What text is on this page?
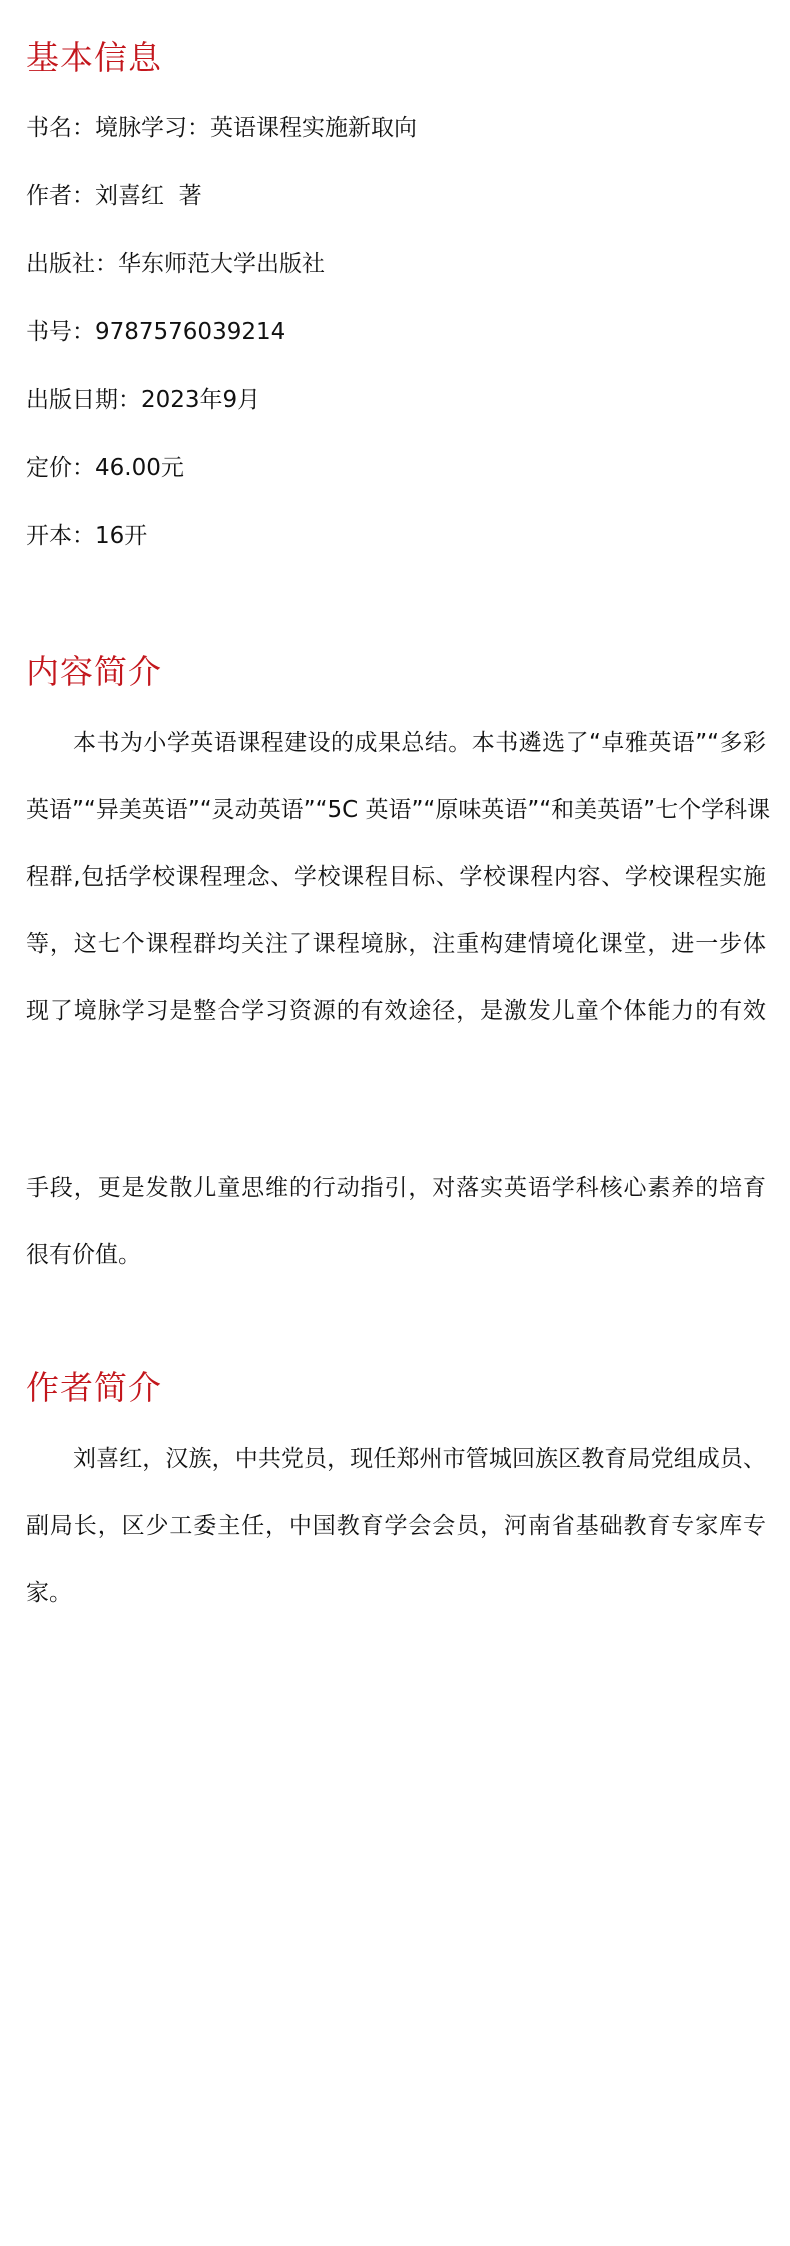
基本信息
书名：境脉学习：英语课程实施新取向
作者：刘喜红  著
出版社：华东师范大学出版社
书号：9787576039214
出版日期：2023年9月
定价：46.00元
开本：16开
内容简介
本书为小学英语课程建设的成果总结。本书遴选了“卓雅英语”“多彩
英语”“异美英语”“灵动英语”“5C 英语”“原味英语”“和美英语”七个学科课
程群,包括学校课程理念、学校课程目标、学校课程内容、学校课程实施
等，这七个课程群均关注了课程境脉，注重构建情境化课堂，进一步体
现了境脉学习是整合学习资源的有效途径，是激发儿童个体能力的有效
手段，更是发散儿童思维的行动指引，对落实英语学科核心素养的培育
很有价值。
作者简介
刘喜红，汉族，中共党员，现任郑州市管城回族区教育局党组成员、
副局长，区少工委主任，中国教育学会会员，河南省基础教育专家库专
家。
